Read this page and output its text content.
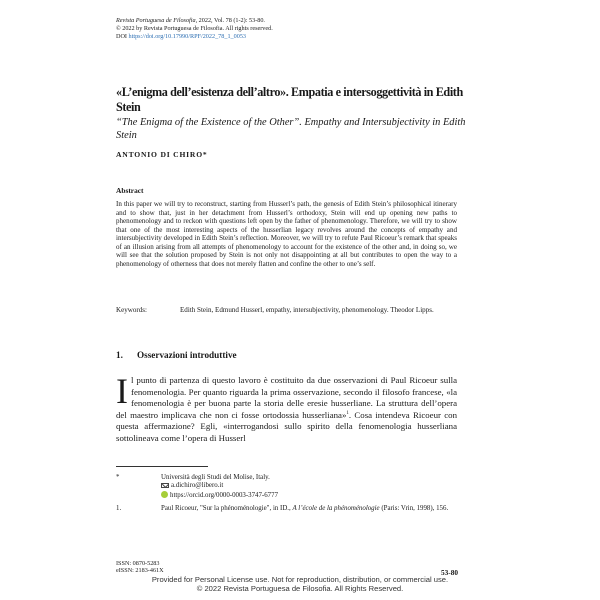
Revista Portuguesa de Filosofia, 2022, Vol. 78 (1-2): 53-80.
© 2022 by Revista Portuguesa de Filosofia. All rights reserved.
DOI https://doi.org/10.17990/RPF/2022_78_1_0053
«L’enigma dell’esistenza dell’altro». Empatia e intersoggettività in Edith Stein
“The Enigma of the Existence of the Other”. Empathy and Intersubjectivity in Edith Stein
ANTONIO DI CHIRO*
Abstract
In this paper we will try to reconstruct, starting from Husserl’s path, the genesis of Edith Stein’s philosophical itinerary and to show that, just in her detachment from Husserl’s orthodoxy, Stein will end up opening new paths to phenomenology and to reckon with questions left open by the father of phenomenology. Therefore, we will try to show that one of the most interesting aspects of the husserlian legacy revolves around the concepts of empathy and intersubjectivity developed in Edith Stein’s reflection. Moreover, we will try to refute Paul Ricoeur’s remark that speaks of an illusion arising from all attempts of phenomenology to account for the existence of the other and, in doing so, we will see that the solution proposed by Stein is not only not disappointing at all but contributes to open the way to a phenomenology of otherness that does not merely flatten and confine the other to one’s self.
Keywords:	Edith Stein, Edmund Husserl, empathy, intersubjectivity, phenomenology. Theodor Lipps.
1. Osservazioni introduttive
Il punto di partenza di questo lavoro è costituito da due osservazioni di Paul Ricoeur sulla fenomenologia. Per quanto riguarda la prima osservazione, secondo il filosofo francese, «la fenomenologia è per buona parte la storia delle eresie husserliane. La struttura dell’opera del maestro implicava che non ci fosse ortodossia husserliana»$^1$. Cosa intendeva Ricoeur con questa affermazione? Egli, «interrogandosi sullo spirito della fenomenologia husserliana sottolineava come l’opera di Husserl
*	Università degli Studi del Molise, Italy.
a.dichiro@libero.it
https://orcid.org/0000-0003-3747-6777
1.	Paul Ricoeur, "Sur la phénoménologie", in ID., A l’école de la phénoménologie (Paris: Vrin, 1998), 156.
ISSN: 0870-5283
eISSN: 2183-461X	53-80
Provided for Personal License use. Not for reproduction, distribution, or commercial use.
© 2022 Revista Portuguesa de Filosofia. All Rights Reserved.
